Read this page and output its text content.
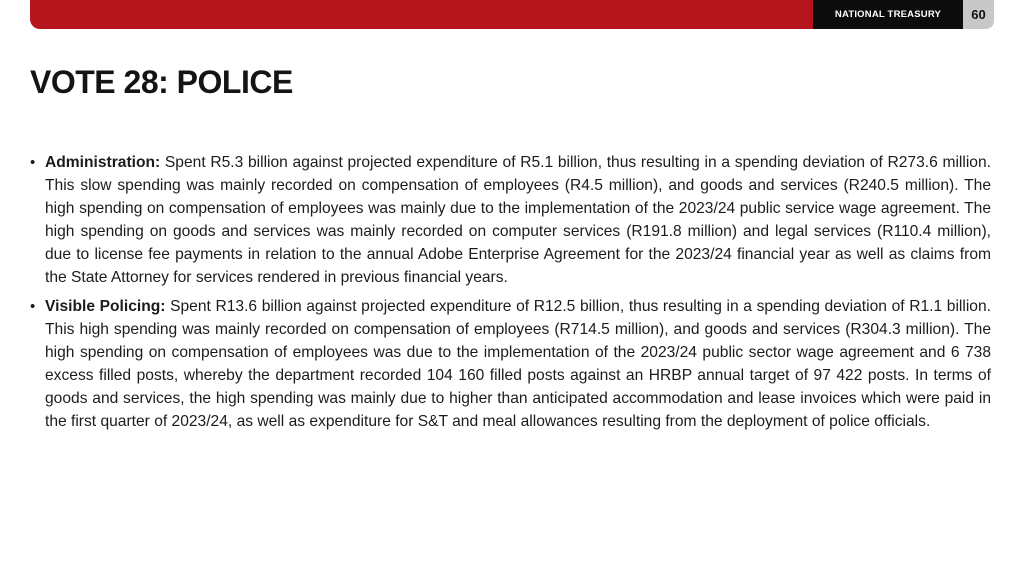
NATIONAL TREASURY	60
VOTE 28: POLICE

• Administration: Spent R5.3 billion against projected expenditure of R5.1 billion, thus resulting in a spending deviation of R273.6 million. This slow spending was mainly recorded on compensation of employees (R4.5 million), and goods and services (R240.5 million). The high spending on compensation of employees was mainly due to the implementation of the 2023/24 public service wage agreement. The high spending on goods and services was mainly recorded on computer services (R191.8 million) and legal services (R110.4 million), due to license fee payments in relation to the annual Adobe Enterprise Agreement for the 2023/24 financial year as well as claims from the State Attorney for services rendered in previous financial years.

• Visible Policing: Spent R13.6 billion against projected expenditure of R12.5 billion, thus resulting in a spending deviation of R1.1 billion. This high spending was mainly recorded on compensation of employees (R714.5 million), and goods and services (R304.3 million). The high spending on compensation of employees was due to the implementation of the 2023/24 public sector wage agreement and 6 738 excess filled posts, whereby the department recorded 104 160 filled posts against an HRBP annual target of 97 422 posts. In terms of goods and services, the high spending was mainly due to higher than anticipated accommodation and lease invoices which were paid in the first quarter of 2023/24, as well as expenditure for S&T and meal allowances resulting from the deployment of police officials.
